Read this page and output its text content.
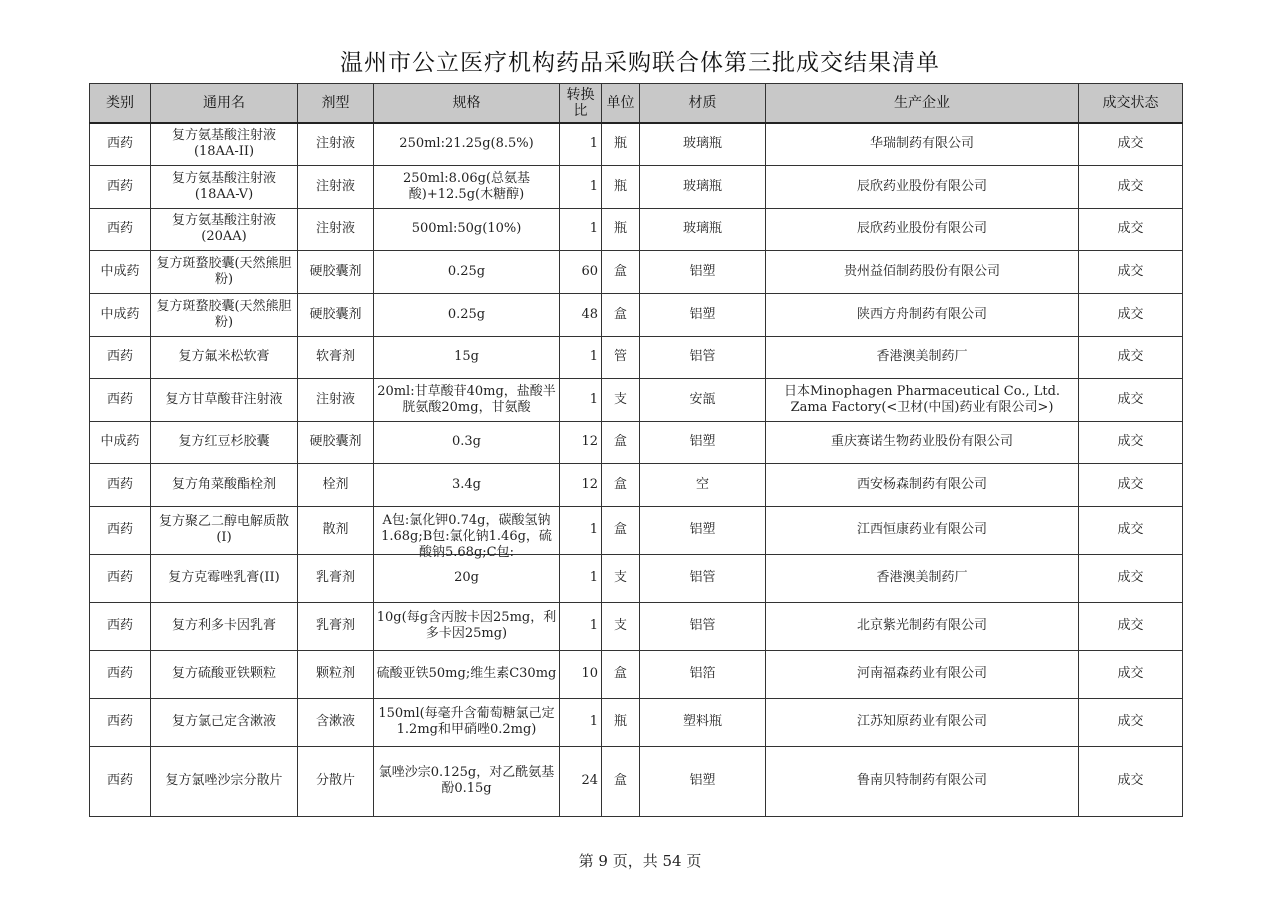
温州市公立医疗机构药品采购联合体第三批成交结果清单
类别	通用名	剂型	规格	转换比	单位	材质	生产企业	成交状态
西药	复方氨基酸注射液(18AA-II)	注射液	250ml:21.25g(8.5%)	1	瓶	玻璃瓶	华瑞制药有限公司	成交
西药	复方氨基酸注射液(18AA-V)	注射液	250ml:8.06g(总氨基酸)+12.5g(木糖醇)	1	瓶	玻璃瓶	辰欣药业股份有限公司	成交
西药	复方氨基酸注射液(20AA)	注射液	500ml:50g(10%)	1	瓶	玻璃瓶	辰欣药业股份有限公司	成交
中成药	复方斑蝥胶囊(天然熊胆粉)	硬胶囊剂	0.25g	60	盒	铝塑	贵州益佰制药股份有限公司	成交
中成药	复方斑蝥胶囊(天然熊胆粉)	硬胶囊剂	0.25g	48	盒	铝塑	陕西方舟制药有限公司	成交
西药	复方氟米松软膏	软膏剂	15g	1	管	铝管	香港澳美制药厂	成交
西药	复方甘草酸苷注射液	注射液	20ml:甘草酸苷40mg，盐酸半胱氨酸20mg，甘氨酸	1	支	安瓿	日本Minophagen Pharmaceutical Co., Ltd. Zama Factory(<卫材(中国)药业有限公司>)	成交
中成药	复方红豆杉胶囊	硬胶囊剂	0.3g	12	盒	铝塑	重庆赛诺生物药业股份有限公司	成交
西药	复方角菜酸酯栓剂	栓剂	3.4g	12	盒	空	西安杨森制药有限公司	成交
西药	复方聚乙二醇电解质散(I)	散剂	A包:氯化钾0.74g，碳酸氢钠1.68g;B包:氯化钠1.46g，硫酸钠5.68g;C包:	1	盒	铝塑	江西恒康药业有限公司	成交
西药	复方克霉唑乳膏(II)	乳膏剂	20g	1	支	铝管	香港澳美制药厂	成交
西药	复方利多卡因乳膏	乳膏剂	10g(每g含丙胺卡因25mg，利多卡因25mg)	1	支	铝管	北京紫光制药有限公司	成交
西药	复方硫酸亚铁颗粒	颗粒剂	硫酸亚铁50mg;维生素C30mg	10	盒	铝箔	河南福森药业有限公司	成交
西药	复方氯己定含漱液	含漱液	150ml(每毫升含葡萄糖氯己定1.2mg和甲硝唑0.2mg)	1	瓶	塑料瓶	江苏知原药业有限公司	成交
西药	复方氯唑沙宗分散片	分散片	氯唑沙宗0.125g，对乙酰氨基酚0.15g	24	盒	铝塑	鲁南贝特制药有限公司	成交
第 9 页，共 54 页
